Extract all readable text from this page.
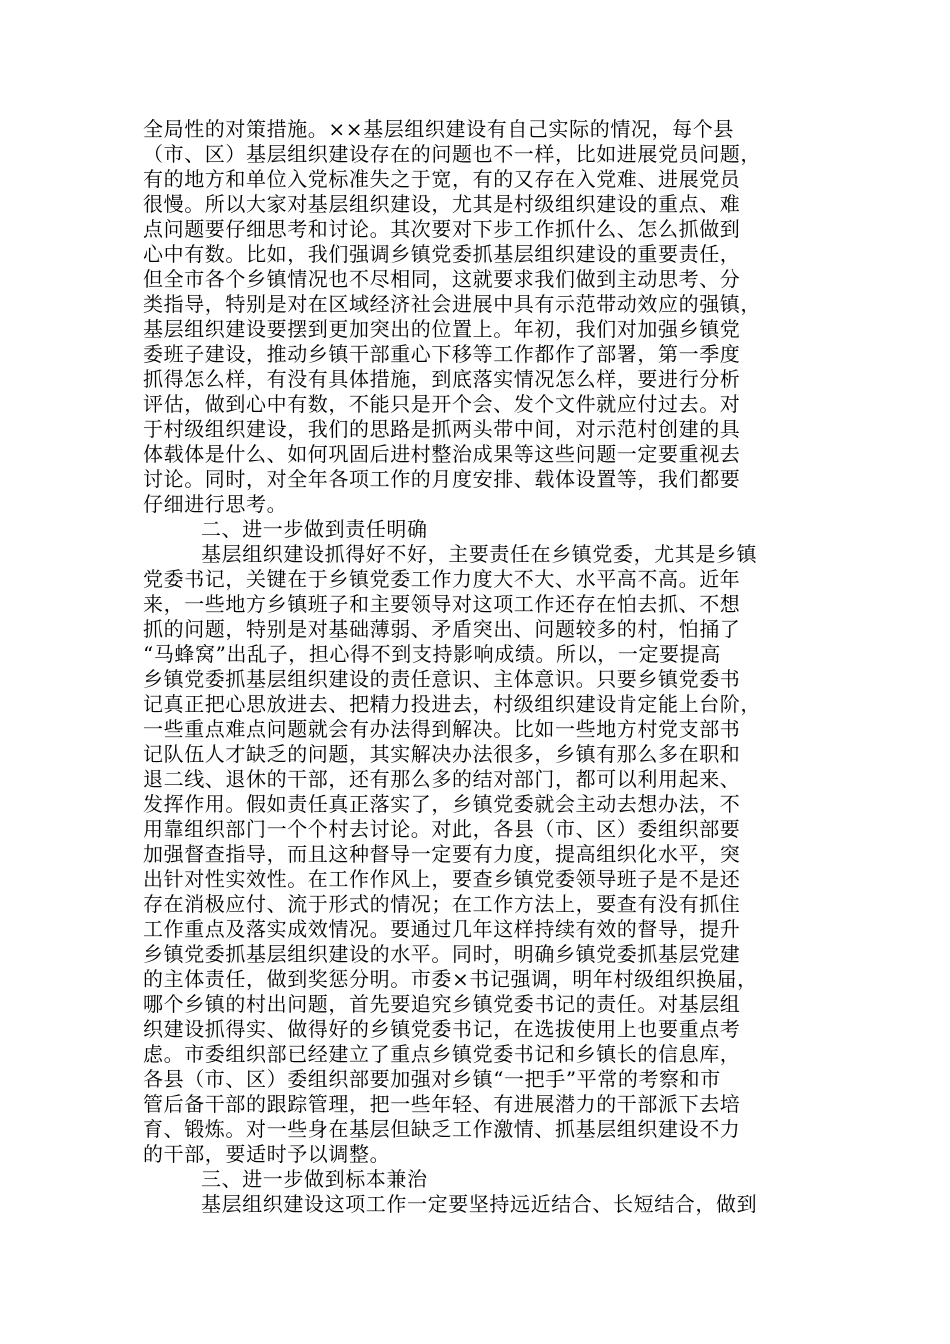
全局性的对策措施。××基层组织建设有自己实际的情况，每个县
（市、区）基层组织建设存在的问题也不一样，比如进展党员问题，
有的地方和单位入党标准失之于宽，有的又存在入党难、进展党员
很慢。所以大家对基层组织建设，尤其是村级组织建设的重点、难
点问题要仔细思考和讨论。其次要对下步工作抓什么、怎么抓做到
心中有数。比如，我们强调乡镇党委抓基层组织建设的重要责任，
但全市各个乡镇情况也不尽相同，这就要求我们做到主动思考、分
类指导，特别是对在区域经济社会进展中具有示范带动效应的强镇，
基层组织建设要摆到更加突出的位置上。年初，我们对加强乡镇党
委班子建设，推动乡镇干部重心下移等工作都作了部署，第一季度
抓得怎么样，有没有具体措施，到底落实情况怎么样，要进行分析
评估，做到心中有数，不能只是开个会、发个文件就应付过去。对
于村级组织建设，我们的思路是抓两头带中间，对示范村创建的具
体载体是什么、如何巩固后进村整治成果等这些问题一定要重视去
讨论。同时，对全年各项工作的月度安排、载体设置等，我们都要
仔细进行思考。
二、进一步做到责任明确
基层组织建设抓得好不好，主要责任在乡镇党委，尤其是乡镇
党委书记，关键在于乡镇党委工作力度大不大、水平高不高。近年
来，一些地方乡镇班子和主要领导对这项工作还存在怕去抓、不想
抓的问题，特别是对基础薄弱、矛盾突出、问题较多的村，怕捅了
“马蜂窝”出乱子，担心得不到支持影响成绩。所以，一定要提高
乡镇党委抓基层组织建设的责任意识、主体意识。只要乡镇党委书
记真正把心思放进去、把精力投进去，村级组织建设肯定能上台阶，
一些重点难点问题就会有办法得到解决。比如一些地方村党支部书
记队伍人才缺乏的问题，其实解决办法很多，乡镇有那么多在职和
退二线、退休的干部，还有那么多的结对部门，都可以利用起来、
发挥作用。假如责任真正落实了，乡镇党委就会主动去想办法，不
用靠组织部门一个个村去讨论。对此，各县（市、区）委组织部要
加强督查指导，而且这种督导一定要有力度，提高组织化水平，突
出针对性实效性。在工作作风上，要查乡镇党委领导班子是不是还
存在消极应付、流于形式的情况；在工作方法上，要查有没有抓住
工作重点及落实成效情况。要通过几年这样持续有效的督导，提升
乡镇党委抓基层组织建设的水平。同时，明确乡镇党委抓基层党建
的主体责任，做到奖惩分明。市委×书记强调，明年村级组织换届，
哪个乡镇的村出问题，首先要追究乡镇党委书记的责任。对基层组
织建设抓得实、做得好的乡镇党委书记，在选拔使用上也要重点考
虑。市委组织部已经建立了重点乡镇党委书记和乡镇长的信息库，
各县（市、区）委组织部要加强对乡镇“一把手”平常的考察和市
管后备干部的跟踪管理，把一些年轻、有进展潜力的干部派下去培
育、锻炼。对一些身在基层但缺乏工作激情、抓基层组织建设不力
的干部，要适时予以调整。
三、进一步做到标本兼治
基层组织建设这项工作一定要坚持远近结合、长短结合，做到
